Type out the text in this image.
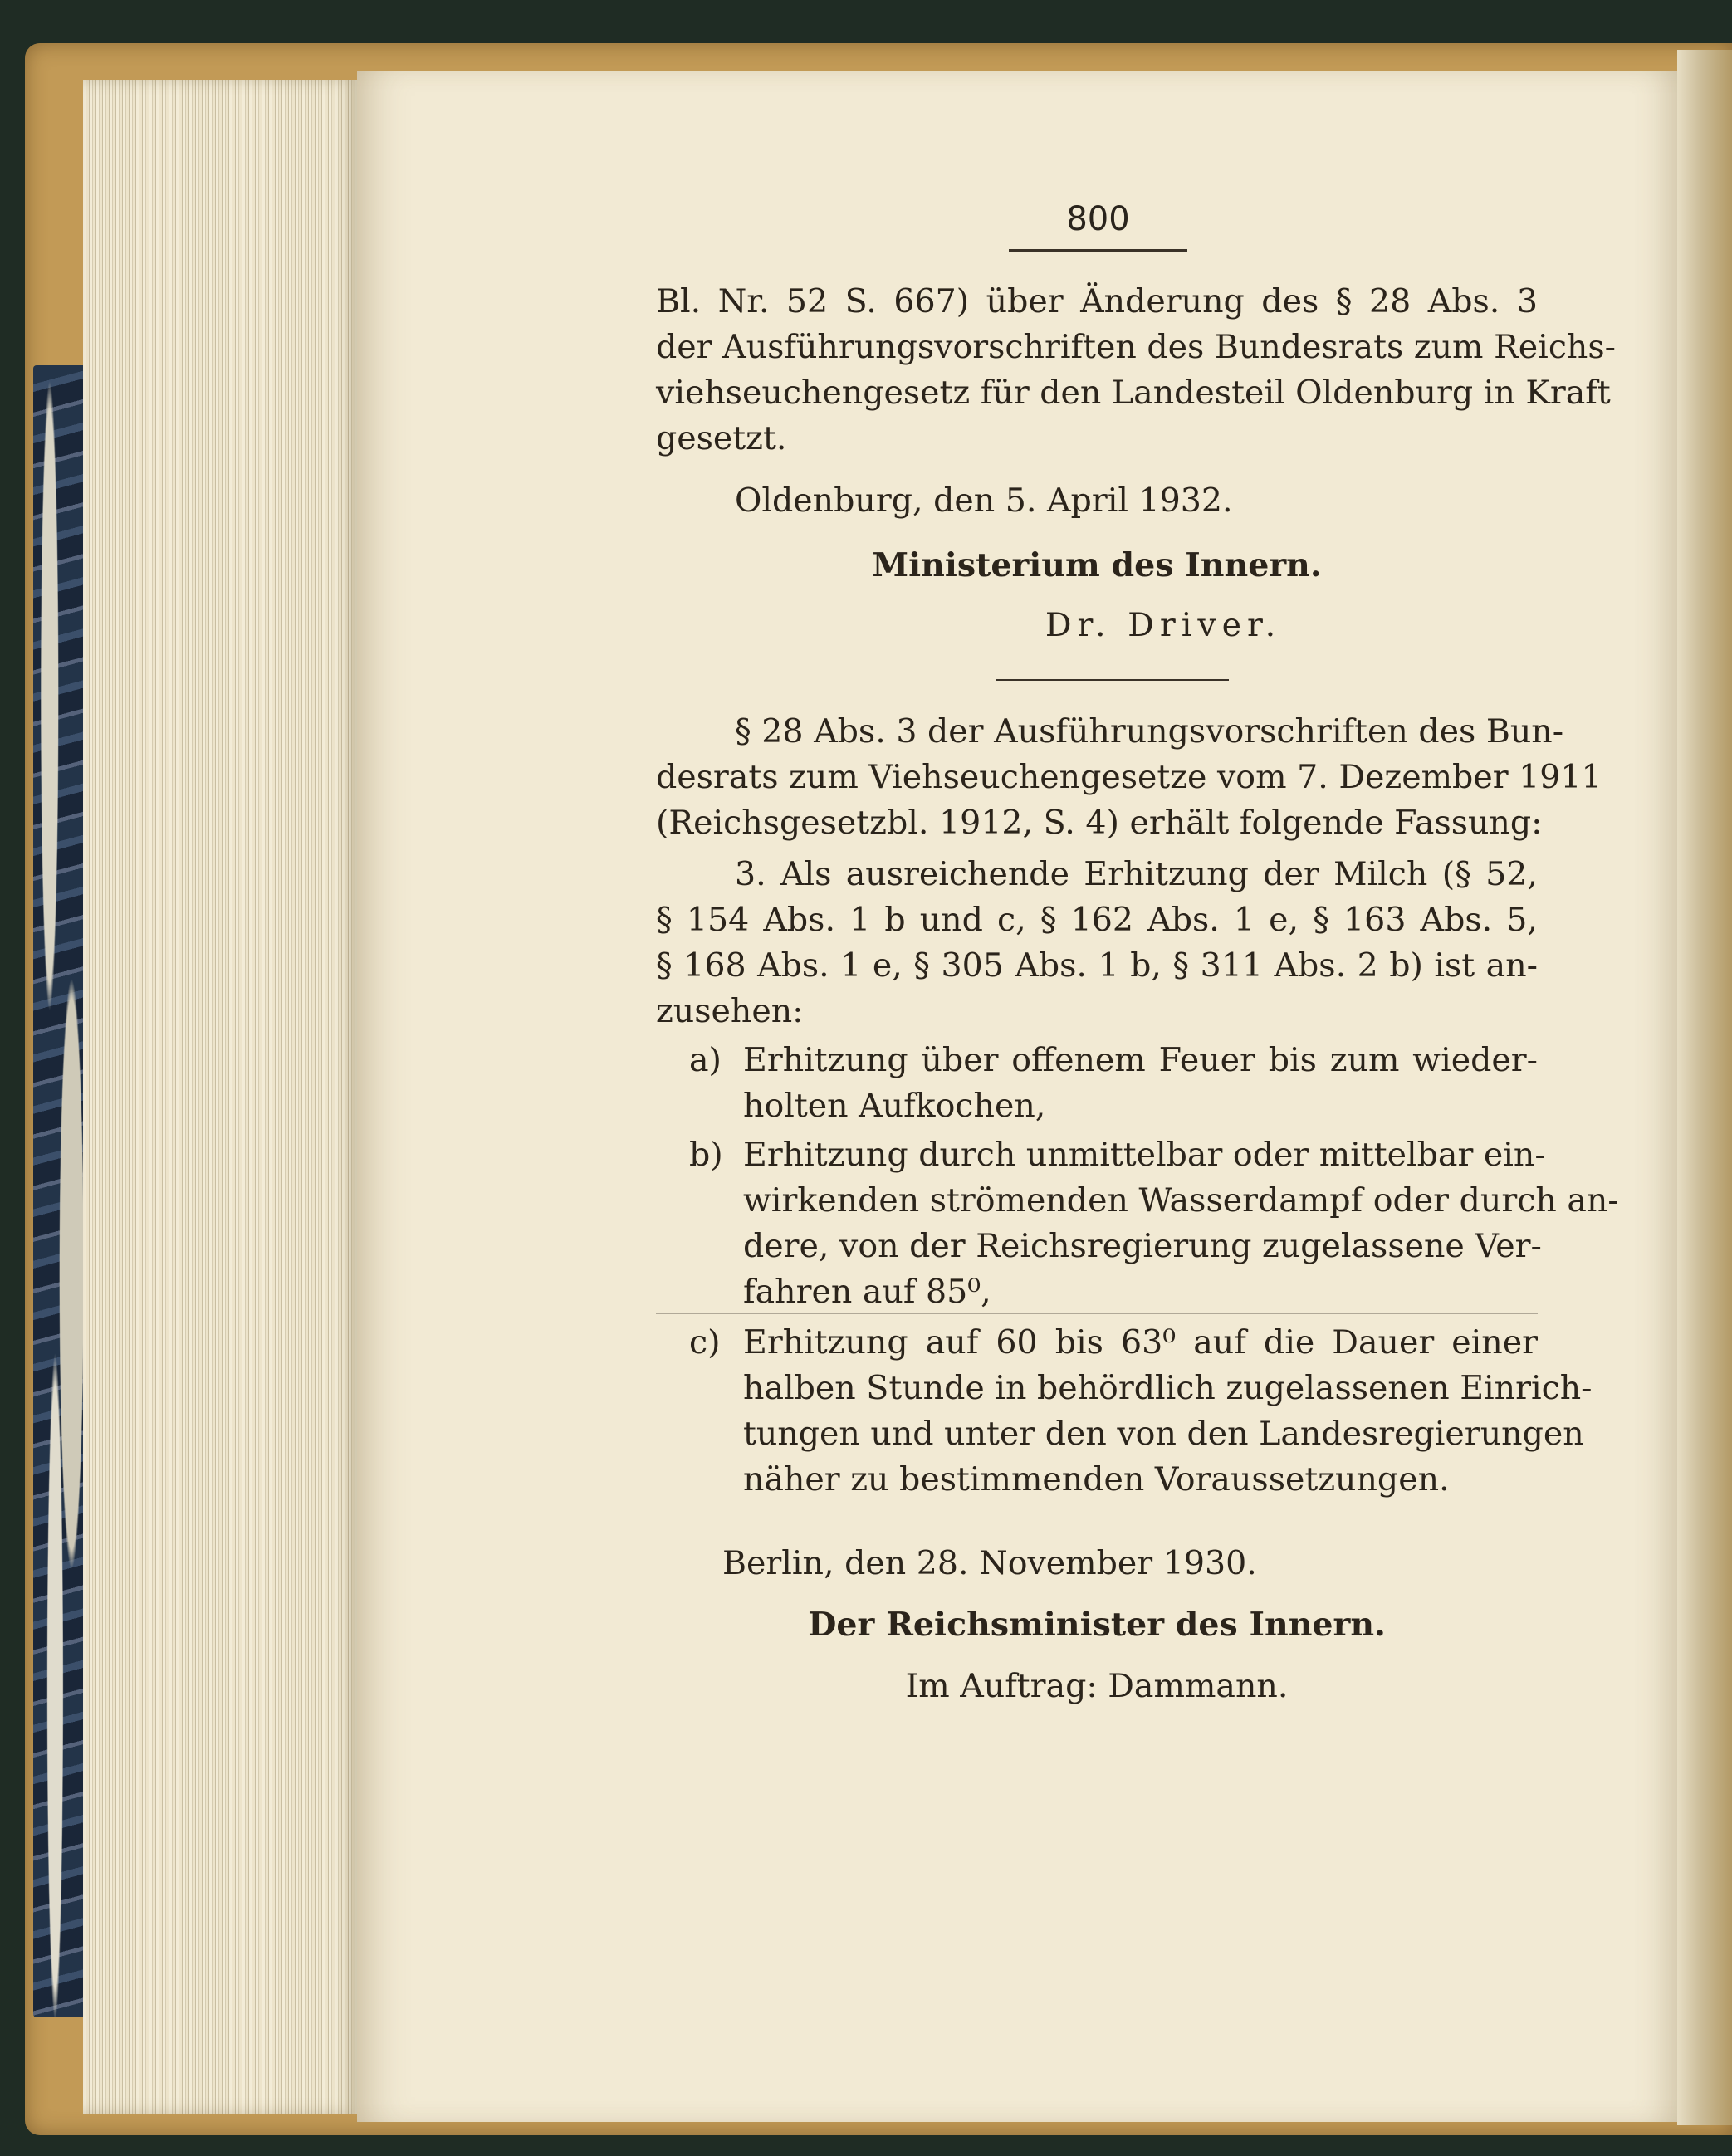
800
Bl. Nr. 52 S. 667) über Änderung des § 28 Abs. 3
der Ausführungsvorschriften des Bundesrats zum Reichs-
viehseuchengesetz für den Landesteil Oldenburg in Kraft
gesetzt.
Oldenburg, den 5. April 1932.
Ministerium des Innern.
Dr. Driver.
§ 28 Abs. 3 der Ausführungsvorschriften des Bun-
desrats zum Viehseuchengesetze vom 7. Dezember 1911
(Reichsgesetzbl. 1912, S. 4) erhält folgende Fassung:
3. Als ausreichende Erhitzung der Milch (§ 52,
§ 154 Abs. 1 b und c, § 162 Abs. 1 e, § 163 Abs. 5,
§ 168 Abs. 1 e, § 305 Abs. 1 b, § 311 Abs. 2 b) ist an-
zusehen:
a) Erhitzung über offenem Feuer bis zum wieder-
holten Aufkochen,
b) Erhitzung durch unmittelbar oder mittelbar ein-
wirkenden strömenden Wasserdampf oder durch an-
dere, von der Reichsregierung zugelassene Ver-
fahren auf 85⁰,
c) Erhitzung auf 60 bis 63⁰ auf die Dauer einer
halben Stunde in behördlich zugelassenen Einrich-
tungen und unter den von den Landesregierungen
näher zu bestimmenden Voraussetzungen.
Berlin, den 28. November 1930.
Der Reichsminister des Innern.
Im Auftrag: Dammann.
